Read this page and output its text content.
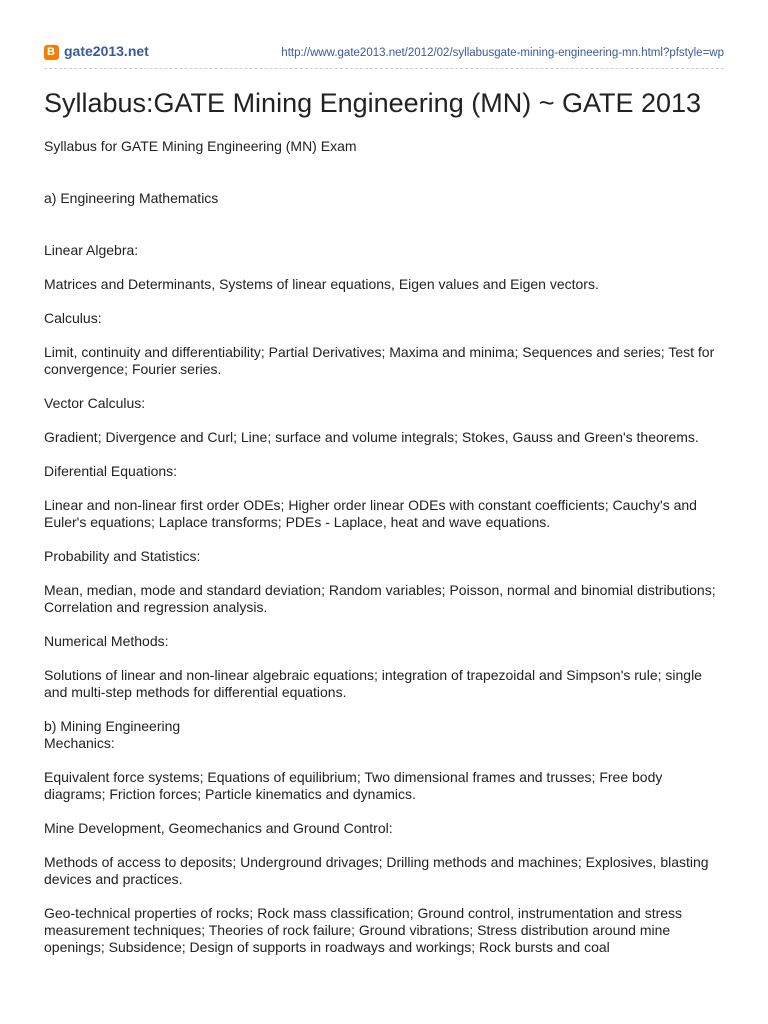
B gate2013.net	http://www.gate2013.net/2012/02/syllabusgate-mining-engineering-mn.html?pfstyle=wp
Syllabus:GATE Mining Engineering (MN) ~ GATE 2013

Syllabus for GATE Mining Engineering (MN) Exam

a) Engineering Mathematics

Linear Algebra:

Matrices and Determinants, Systems of linear equations, Eigen values and Eigen vectors.

Calculus:

Limit, continuity and differentiability; Partial Derivatives; Maxima and minima; Sequences and series; Test for convergence; Fourier series.

Vector Calculus:

Gradient; Divergence and Curl; Line; surface and volume integrals; Stokes, Gauss and Green's theorems.

Diferential Equations:

Linear and non-linear first order ODEs; Higher order linear ODEs with constant coefficients; Cauchy's and Euler's equations; Laplace transforms; PDEs - Laplace, heat and wave equations.

Probability and Statistics:

Mean, median, mode and standard deviation; Random variables; Poisson, normal and binomial distributions; Correlation and regression analysis.

Numerical Methods:

Solutions of linear and non-linear algebraic equations; integration of trapezoidal and Simpson's rule; single and multi-step methods for differential equations.

b) Mining Engineering

Mechanics:

Equivalent force systems; Equations of equilibrium; Two dimensional frames and trusses; Free body diagrams; Friction forces; Particle kinematics and dynamics.

Mine Development, Geomechanics and Ground Control:

Methods of access to deposits; Underground drivages; Drilling methods and machines; Explosives, blasting devices and practices.

Geo-technical properties of rocks; Rock mass classification; Ground control, instrumentation and stress measurement techniques; Theories of rock failure; Ground vibrations; Stress distribution around mine openings; Subsidence; Design of supports in roadways and workings; Rock bursts and coal
